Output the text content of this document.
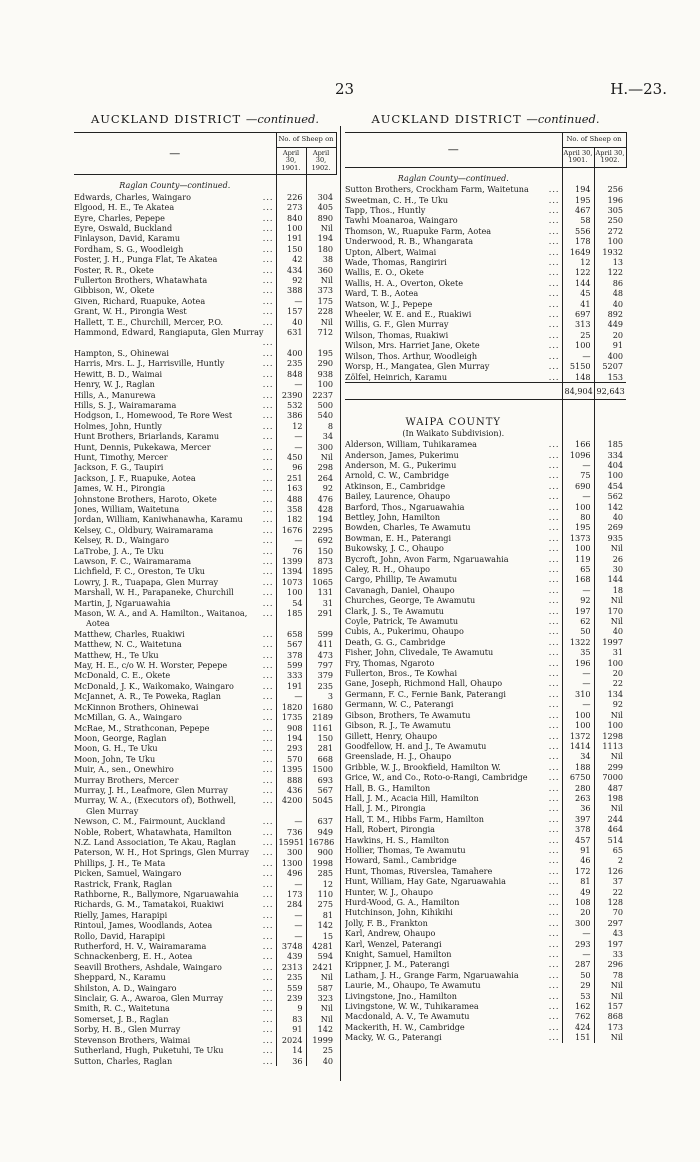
23	H.—23.
AUCKLAND DISTRICT —continued.
—	No. of Sheep on	
	April 30, 1901.	April 30, 1902.

Raglan County—continued.		
Edwards, Charles, Waingaro ...	226	304
Elgood, H. E., Te Akatea ...	273	405
Eyre, Charles, Pepepe ...	840	890
Eyre, Oswald, Buckland ...	100	Nil
Finlayson, David, Karamu ...	191	194
Fordham, S. G., Woodleigh ...	150	180
Foster, J. H., Punga Flat, Te Akatea ...	42	38
Foster, R. R., Okete ...	434	360
Fullerton Brothers, Whatawhata ...	92	Nil
Gibbison, W., Okete ...	388	373
Given, Richard, Ruapuke, Aotea ...	—	175
Grant, W. H., Pirongia West ...	157	228
Hallett, T. E., Churchill, Mercer, P.O. ...	40	Nil
Hammond, Edward, Rangiaputa, Glen Murray
...	631	712
Hampton, S., Ohinewai ...	400	195
Harris, Mrs. L. J., Harrisville, Huntly ...	235	290
Hewitt, B. D., Waimai ...	848	938
Henry, W. J., Raglan ...	—	100
Hills, A., Manurewa ...	2390	2237
Hills, S. J., Wairamarama ...	532	500
Hodgson, I., Homewood, Te Rore West ...	386	540
Holmes, John, Huntly ...	12	8
Hunt Brothers, Briarlands, Karamu ...	—	34
Hunt, Dennis, Pukekawa, Mercer ...	—	300
Hunt, Timothy, Mercer ...	450	Nil
Jackson, F. G., Taupiri ...	96	298
Jackson, J. F., Ruapuke, Aotea ...	251	264
James, W. H., Pirongia ...	163	92
Johnstone Brothers, Haroto, Okete ...	488	476
Jones, William, Waitetuna ...	358	428
Jordan, William, Kaniwhanawha, Karamu ...	182	194
Kelsey, C., Oldbury, Wairamarama ...	1676	2295
Kelsey, R. D., Waingaro ...	—	692
LaTrobe, J. A., Te Uku ...	76	150
Lawson, F. C., Wairamarama ...	1399	873
Lichfield, F. C., Oreston, Te Uku ...	1394	1895
Lowry, J. R., Tuapapa, Glen Murray ...	1073	1065
Marshall, W. H., Parapaneke, Churchill ...	100	131
Martin, J, Ngaruawahia ...	54	31
Mason, W. A., and A. Hamilton., Waitanoa, ...	185	291
Aotea		
Matthew, Charles, Ruakiwi ...	658	599
Matthew, N. C., Waitetuna ...	567	411
Matthew, H., Te Uku ...	378	473
May, H. E., c/o W. H. Worster, Pepepe ...	599	797
McDonald, C. E., Okete ...	333	379
McDonald, J. K., Waikomako, Waingaro ...	191	235
McJannet, A. R., Te Poweka, Raglan ...	—	3
McKinnon Brothers, Ohinewai ...	1820	1680
McMillan, G. A., Waingaro ...	1735	2189
McRae, M., Strathconan, Pepepe ...	908	1161
Moon, George, Raglan ...	194	150
Moon, G. H., Te Uku ...	293	281
Moon, John, Te Uku ...	570	668
Muir, A., sen., Onewhiro ...	1395	1500
Murray Brothers, Mercer ...	888	693
Murray, J. H., Leafmore, Glen Murray ...	436	567
Murray, W. A., (Executors of), Bothwell, ...	4200	5045
Glen Murray		
Newson, C. M., Fairmount, Auckland ...	—	637
Noble, Robert, Whatawhata, Hamilton ...	736	949
N.Z. Land Association, Te Akau, Raglan ...	15951	16786
Paterson, W. H., Hot Springs, Glen Murray ...	300	900
Phillips, J. H., Te Mata ...	1300	1998
Picken, Samuel, Waingaro ...	496	285
Rastrick, Frank, Raglan ...	—	12
Rathborne, R., Ballymore, Ngaruawahia ...	173	110
Richards, G. M., Tamatakoi, Ruakiwi ...	284	275
Rielly, James, Harapipi ...	—	81
Rintoul, James, Woodlands, Aotea ...	—	142
Rollo, David, Harapipi ...	—	15
Rutherford, H. V., Wairamarama ...	3748	4281
Schnackenberg, E. H., Aotea ...	439	594
Seavill Brothers, Ashdale, Waingaro ...	2313	2421
Sheppard, N., Karamu ...	235	Nil
Shilston, A. D., Waingaro ...	559	587
Sinclair, G. A., Awaroa, Glen Murray ...	239	323
Smith, R. C., Waitetuna ...	9	Nil
Somerset, J. B., Raglan ...	83	Nil
Sorby, H. B., Glen Murray ...	91	142
Stevenson Brothers, Waimai ...	2024	1999
Sutherland, Hugh, Puketuhi, Te Uku ...	14	25
Sutton, Charles, Raglan ...	36	40
AUCKLAND DISTRICT —continued.
—	No. of Sheep on	
	April 30, 1901.	April 30, 1902.

Raglan County—continued.		
Sutton Brothers, Crockham Farm, Waitetuna ...	194	256
Sweetman, C. H., Te Uku ...	195	196
Tapp, Thos., Huntly ...	467	305
Tawhi Moanaroa, Waingaro ...	58	250
Thomson, W., Ruapuke Farm, Aotea ...	556	272
Underwood, R. B., Whangarata ...	178	100
Upton, Albert, Waimai ...	1649	1932
Wade, Thomas, Rangiriri ...	12	13
Wallis, E. O., Okete ...	122	122
Wallis, H. A., Overton, Okete ...	144	86
Ward, T. B., Aotea ...	45	48
Watson, W. J., Pepepe ...	41	40
Wheeler, W. E. and E., Ruakiwi ...	697	892
Willis, G. F., Glen Murray ...	313	449
Wilson, Thomas, Ruakiwi ...	25	20
Wilson, Mrs. Harriet Jane, Okete ...	100	91
Wilson, Thos. Arthur, Woodleigh ...	—	400
Worsp, H., Mangatea, Glen Murray ...	5150	5207
Zölfel, Heinrich, Karamu ...	148	153
	84,904	92,643

WAIPA COUNTY		
(In Waikato Subdivision).		
Alderson, William, Tuhikaramea ...	166	185
Anderson, James, Pukerimu ...	1096	334
Anderson, M. G., Pukerimu ...	—	404
Arnold, C. W., Cambridge ...	75	100
Atkinson, E., Cambridge ...	690	454
Bailey, Laurence, Ohaupo ...	—	562
Barford, Thos., Ngaruawahia ...	100	142
Bettley, John, Hamilton ...	80	40
Bowden, Charles, Te Awamutu ...	195	269
Bowman, E. H., Paterangi ...	1373	935
Bukowsky, J. C., Ohaupo ...	100	Nil
Bycroft, John, Avon Farm, Ngaruawahia ...	119	26
Caley, R. H., Ohaupo ...	65	30
Cargo, Phillip, Te Awamutu ...	168	144
Cavanagh, Daniel, Ohaupo ...	—	18
Churches, George, Te Awamutu ...	92	Nil
Clark, J. S., Te Awamutu ...	197	170
Coyle, Patrick, Te Awamutu ...	62	Nil
Cubis, A., Pukerimu, Ohaupo ...	50	40
Death, G. G., Cambridge ...	1322	1997
Fisher, John, Clivedale, Te Awamutu ...	35	31
Fry, Thomas, Ngaroto ...	196	100
Fullerton, Bros., Te Kowhai ...	—	20
Gane, Joseph, Richmond Hall, Ohaupo ...	—	22
Germann, F. C., Fernie Bank, Paterangi ...	310	134
Germann, W. C., Paterangi ...	—	92
Gibson, Brothers, Te Awamutu ...	100	Nil
Gibson, R. J., Te Awamutu ...	100	100
Gillett, Henry, Ohaupo ...	1372	1298
Goodfellow, H. and J., Te Awamutu ...	1414	1113
Greenslade, H. J., Ohaupo ...	34	Nil
Gribble, W. J., Brookfield, Hamilton W. ...	188	299
Grice, W., and Co., Roto-o-Rangi, Cambridge ...	6750	7000
Hall, B. G., Hamilton ...	280	487
Hall, J. M., Acacia Hill, Hamilton ...	263	198
Hall, J. M., Pirongia ...	36	Nil
Hall, T. M., Hibbs Farm, Hamilton ...	397	244
Hall, Robert, Pirongia ...	378	464
Hawkins, H. S., Hamilton ...	457	514
Hollier, Thomas, Te Awamutu ...	91	65
Howard, Saml., Cambridge ...	46	2
Hunt, Thomas, Riverslea, Tamahere ...	172	126
Hunt, William, Hay Gate, Ngaruawahia ...	81	37
Hunter, W. J., Ohaupo ...	49	22
Hurd-Wood, G. A., Hamilton ...	108	128
Hutchinson, John, Kihikihi ...	20	70
Jolly, F. B., Frankton ...	300	297
Karl, Andrew, Ohaupo ...	—	43
Karl, Wenzel, Paterangi ...	293	197
Knight, Samuel, Hamilton ...	—	33
Krippner, J. M., Paterangi ...	287	296
Latham, J. H., Grange Farm, Ngaruawahia ...	50	78
Laurie, M., Ohaupo, Te Awamutu ...	29	Nil
Livingstone, Jno., Hamilton ...	53	Nil
Livingstone, W. W., Tuhikaramea ...	162	157
Macdonald, A. V., Te Awamutu ...	762	868
Mackerith, H. W., Cambridge ...	424	173
Macky, W. G., Paterangi ...	151	Nil
